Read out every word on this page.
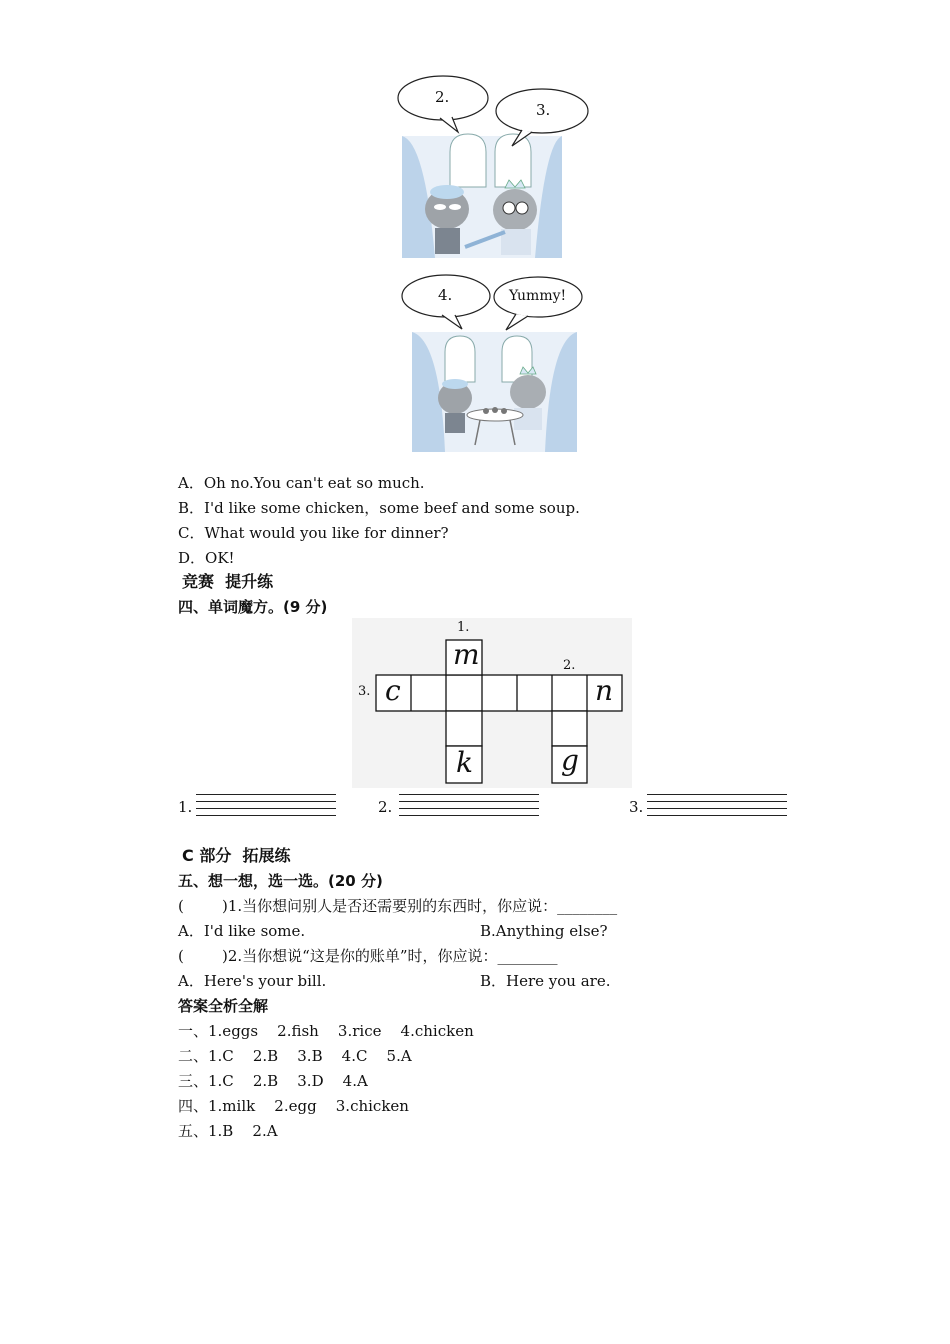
2.
3.
4.	Yummy!
A．Oh no.You can't eat so much.
B．I'd like some chicken，some beef and some soup.
C．What would you like for dinner?
D．OK!
竞赛  提升练
四、单词魔方。(9 分)
1.
2.
3.
m
c	n
k	g
1.	2.	3.
C 部分  拓展练
五、想一想，选一选。(20 分)
(        )1.当你想问别人是否还需要别的东西时，你应说：________
A．I'd like some.	B.Anything else?
(        )2.当你想说“这是你的账单”时，你应说：________
A．Here's your bill.	B．Here you are.
答案全析全解
一、1.eggs    2.fish    3.rice    4.chicken
二、1.C    2.B    3.B    4.C    5.A
三、1.C    2.B    3.D    4.A
四、1.milk    2.egg    3.chicken
五、1.B    2.A
